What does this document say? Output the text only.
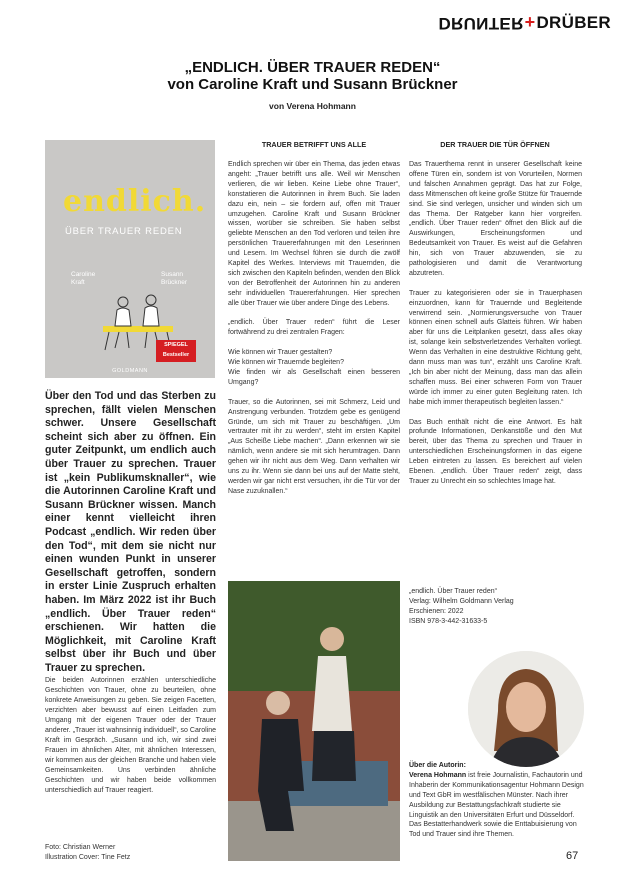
DRUNTER + DRÜBER
„ENDLICH. ÜBER TRAUER REDEN“
von Caroline Kraft und Susann Brückner
von Verena Hohmann
endlich.
ÜBER TRAUER REDEN
Caroline
Kraft
Susann
Brückner
SPIEGEL
Bestseller
GOLDMANN
Über den Tod und das Sterben zu sprechen, fällt vielen Menschen schwer. Unsere Gesellschaft scheint sich aber zu öffnen. Ein guter Zeitpunkt, um endlich auch über Trauer zu sprechen. Trauer ist „kein Publikumsknaller“, wie die Autorinnen Caroline Kraft und Susann Brückner wissen. Manch einer kennt vielleicht ihren Podcast „endlich. Wir reden über den Tod“, mit dem sie nicht nur einen wunden Punkt in unserer Gesellschaft getroffen, sondern in erster Linie Zuspruch erhalten haben. Im März 2022 ist ihr Buch „endlich. Über Trauer reden“ erschienen. Wir hatten die Möglichkeit, mit Caroline Kraft selbst über ihr Buch und über Trauer zu sprechen.
Die beiden Autorinnen erzählen unterschiedliche Geschichten von Trauer, ohne zu beurteilen, ohne konkrete Anweisungen zu geben. Sie zeigen Facetten, verzichten aber bewusst auf einen Leitfaden zum Umgang mit der eigenen Trauer oder der Trauer anderer. „Trauer ist wahnsinnig individuell“, so Caroline Kraft im Gespräch. „Susann und ich, wir sind zwei Frauen im ähnlichen Alter, mit ähnlichen Interessen, wir kommen aus der gleichen Branche und haben viele Gemeinsamkeiten. Uns verbinden ähnliche Geschichten und wir haben beide vollkommen unterschiedlich auf Trauer reagiert.
Foto: Christian Werner
Illustration Cover: Tine Fetz
TRAUER BETRIFFT UNS ALLE

Endlich sprechen wir über ein Thema, das jeden etwas angeht: „Trauer betrifft uns alle. Weil wir Menschen verlieren, die wir lieben. Keine Liebe ohne Trauer“, konstatieren die Autorinnen in ihrem Buch. Sie laden dazu ein, nein – sie fordern auf, offen mit Trauer umzugehen. Caroline Kraft und Susann Brückner wissen, worüber sie schreiben. Sie haben selbst geliebte Menschen an den Tod verloren und teilen ihre persönlichen Trauererfahrungen mit den Leserinnen und Lesern. Im Wechsel führen sie durch die zwölf Kapitel des Werkes. Interviews mit Trauernden, die sich zwischen den Kapiteln befinden, wenden den Blick von der Betroffenheit der Autorinnen hin zu anderen sehr individuellen Trauererfahrungen. Hier sprechen alle über Trauer wie über andere Dinge des Lebens.

„endlich. Über Trauer reden“ führt die Leser fortwährend zu drei zentralen Fragen:

Wie können wir Trauer gestalten?
Wie können wir Trauernde begleiten?
Wie finden wir als Gesellschaft einen besseren Umgang?

Trauer, so die Autorinnen, sei mit Schmerz, Leid und Anstrengung verbunden. Trotzdem gebe es genügend Gründe, um sich mit Trauer zu beschäftigen. „Um vertrauter mit ihr zu werden“, steht im ersten Kapitel „Aus Scheiße Liebe machen“. „Dann erkennen wir sie nämlich, wenn andere sie mit sich herumtragen. Dann gehen wir ihr nicht aus dem Weg. Dann verhalten wir uns zu ihr. Wenn sie dann bei uns auf der Matte steht, werden wir gar nicht erst versuchen, ihr die Tür vor der Nase zuzuknallen.“

DER TRAUER DIE TÜR ÖFFNEN

Das Trauerthema rennt in unserer Gesellschaft keine offene Türen ein, sondern ist von Vorurteilen, Normen und falschen Annahmen geprägt. Das hat zur Folge, dass Mitmenschen oft keine große Stütze für Trauernde sind. Sie sind verlegen, unsicher und winden sich um das Thema. Der Ratgeber kann hier vorgreifen. „endlich. Über Trauer reden“ öffnet den Blick auf die Auswirkungen, Erscheinungsformen und Bedeutsamkeit von Trauer. Es weist auf die Gefahren hin, sich von Trauer abzuwenden, sie zu pathologisieren und damit die Verantwortung abzutreten.

Trauer zu kategorisieren oder sie in Trauerphasen einzuordnen, kann für Trauernde und Begleitende verwirrend sein. „Normierungsversuche von Trauer können einen schnell aufs Glatteis führen. Wir haben aber für uns die Leitplanken gesetzt, dass alles okay ist, solange kein selbstverletzendes Verhalten vorliegt. Wenn das Verhalten in eine destruktive Richtung geht, dann muss man was tun“, erzählt uns Caroline Kraft. „Ich bin aber nicht der Meinung, dass man das allein schaffen muss. Bei einer schweren Form von Trauer würde ich immer zu einer guten Begleitung raten. Ich habe mich immer therapeutisch begleiten lassen.“

Das Buch enthält nicht die eine Antwort. Es hält profunde Informationen, Denkanstöße und den Mut bereit, über das Thema zu sprechen und Trauer in unterschiedlichen Erscheinungsformen in das eigene Leben eintreten zu lassen. Es bereichert auf vielen Ebenen. „endlich. Über Trauer reden“ zeigt, dass Trauer zu Unrecht ein so schlechtes Image hat.

„endlich. Über Trauer reden“
Verlag: Wilhelm Goldmann Verlag
Erschienen: 2022
ISBN 978-3-442-31633-5
Über die Autorin:
Verena Hohmann ist freie Journalistin, Fachautorin und Inhaberin der Kommunikationsagentur Hohmann Design und Text GbR im westfälischen Münster. Nach ihrer Ausbildung zur Bestattungsfachkraft studierte sie Linguistik an den Universitäten Erfurt und Düsseldorf. Das Bestatterhandwerk sowie die Enttabuisierung von Tod und Trauer sind ihre Themen.
67
